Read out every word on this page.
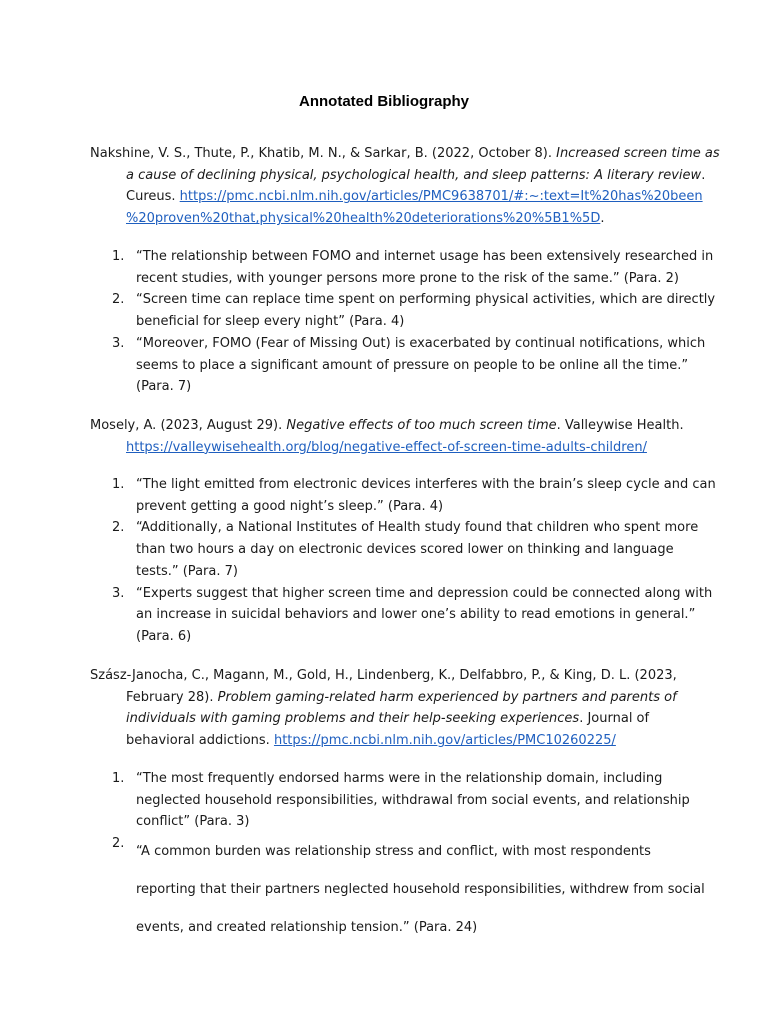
Annotated Bibliography
Nakshine, V. S., Thute, P., Khatib, M. N., & Sarkar, B. (2022, October 8). Increased screen time as
a cause of declining physical, psychological health, and sleep patterns: A literary review.
Cureus. https://pmc.ncbi.nlm.nih.gov/articles/PMC9638701/#:~:text=It%20has%20been
%20proven%20that,physical%20health%20deteriorations%20%5B1%5D.
1. “The relationship between FOMO and internet usage has been extensively researched in
recent studies, with younger persons more prone to the risk of the same.” (Para. 2)
2. “Screen time can replace time spent on performing physical activities, which are directly
beneficial for sleep every night” (Para. 4)
3. “Moreover, FOMO (Fear of Missing Out) is exacerbated by continual notifications, which
seems to place a significant amount of pressure on people to be online all the time.”
(Para. 7)
Mosely, A. (2023, August 29). Negative effects of too much screen time. Valleywise Health.
https://valleywisehealth.org/blog/negative-effect-of-screen-time-adults-children/
1. “The light emitted from electronic devices interferes with the brain’s sleep cycle and can
prevent getting a good night’s sleep.” (Para. 4)
2. “Additionally, a National Institutes of Health study found that children who spent more
than two hours a day on electronic devices scored lower on thinking and language
tests.” (Para. 7)
3. “Experts suggest that higher screen time and depression could be connected along with
an increase in suicidal behaviors and lower one’s ability to read emotions in general.”
(Para. 6)
Szász-Janocha, C., Magann, M., Gold, H., Lindenberg, K., Delfabbro, P., & King, D. L. (2023,
February 28). Problem gaming-related harm experienced by partners and parents of
individuals with gaming problems and their help-seeking experiences. Journal of
behavioral addictions. https://pmc.ncbi.nlm.nih.gov/articles/PMC10260225/
1. “The most frequently endorsed harms were in the relationship domain, including
neglected household responsibilities, withdrawal from social events, and relationship
conflict” (Para. 3)
2.
“A common burden was relationship stress and conflict, with most respondents
reporting that their partners neglected household responsibilities, withdrew from social
events, and created relationship tension.” (Para. 24)
